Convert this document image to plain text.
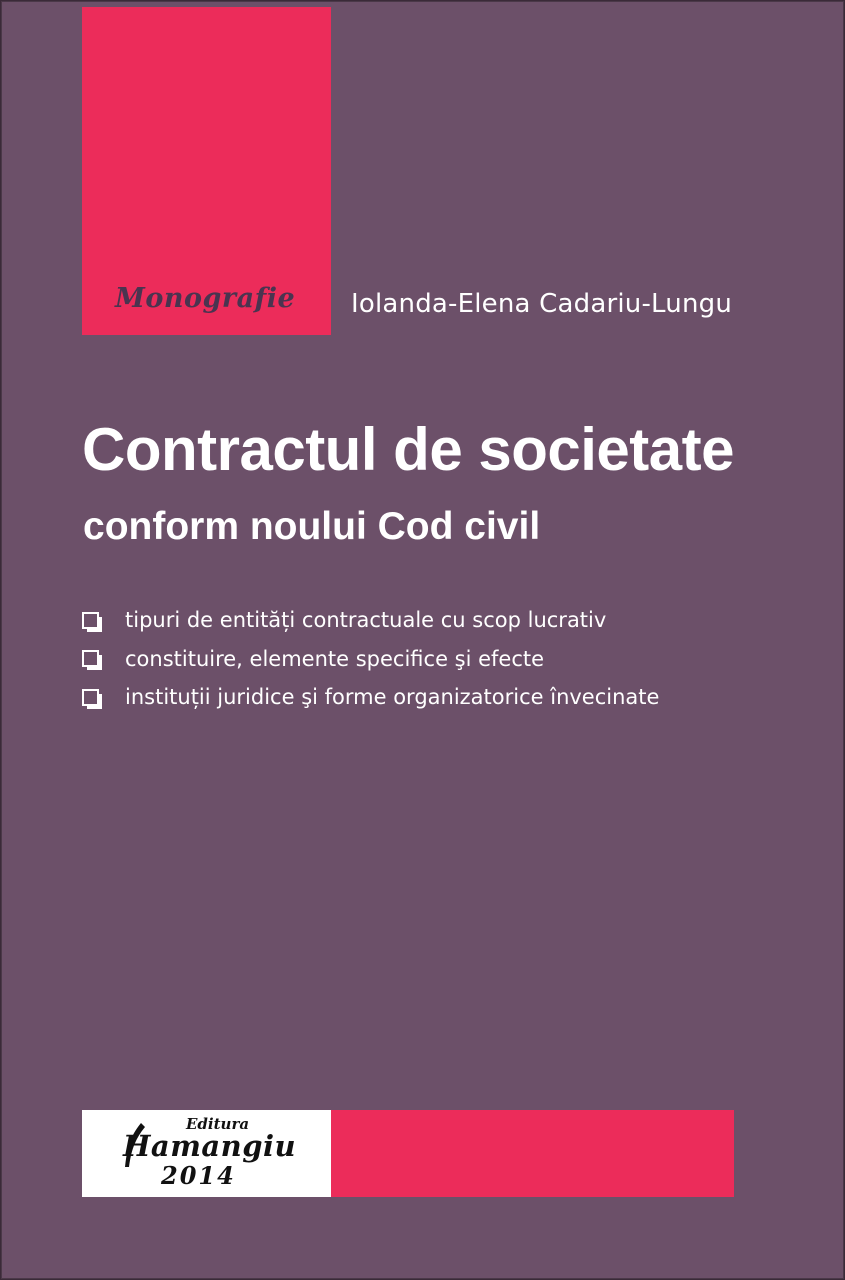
Monografie Iolanda-Elena Cadariu-Lungu
Contractul de societate
conform noului Cod civil
tipuri de entități contractuale cu scop lucrativ
constituire, elemente specifice şi efecte
instituții juridice şi forme organizatorice învecinate
Editura
Hamangiu
2014
